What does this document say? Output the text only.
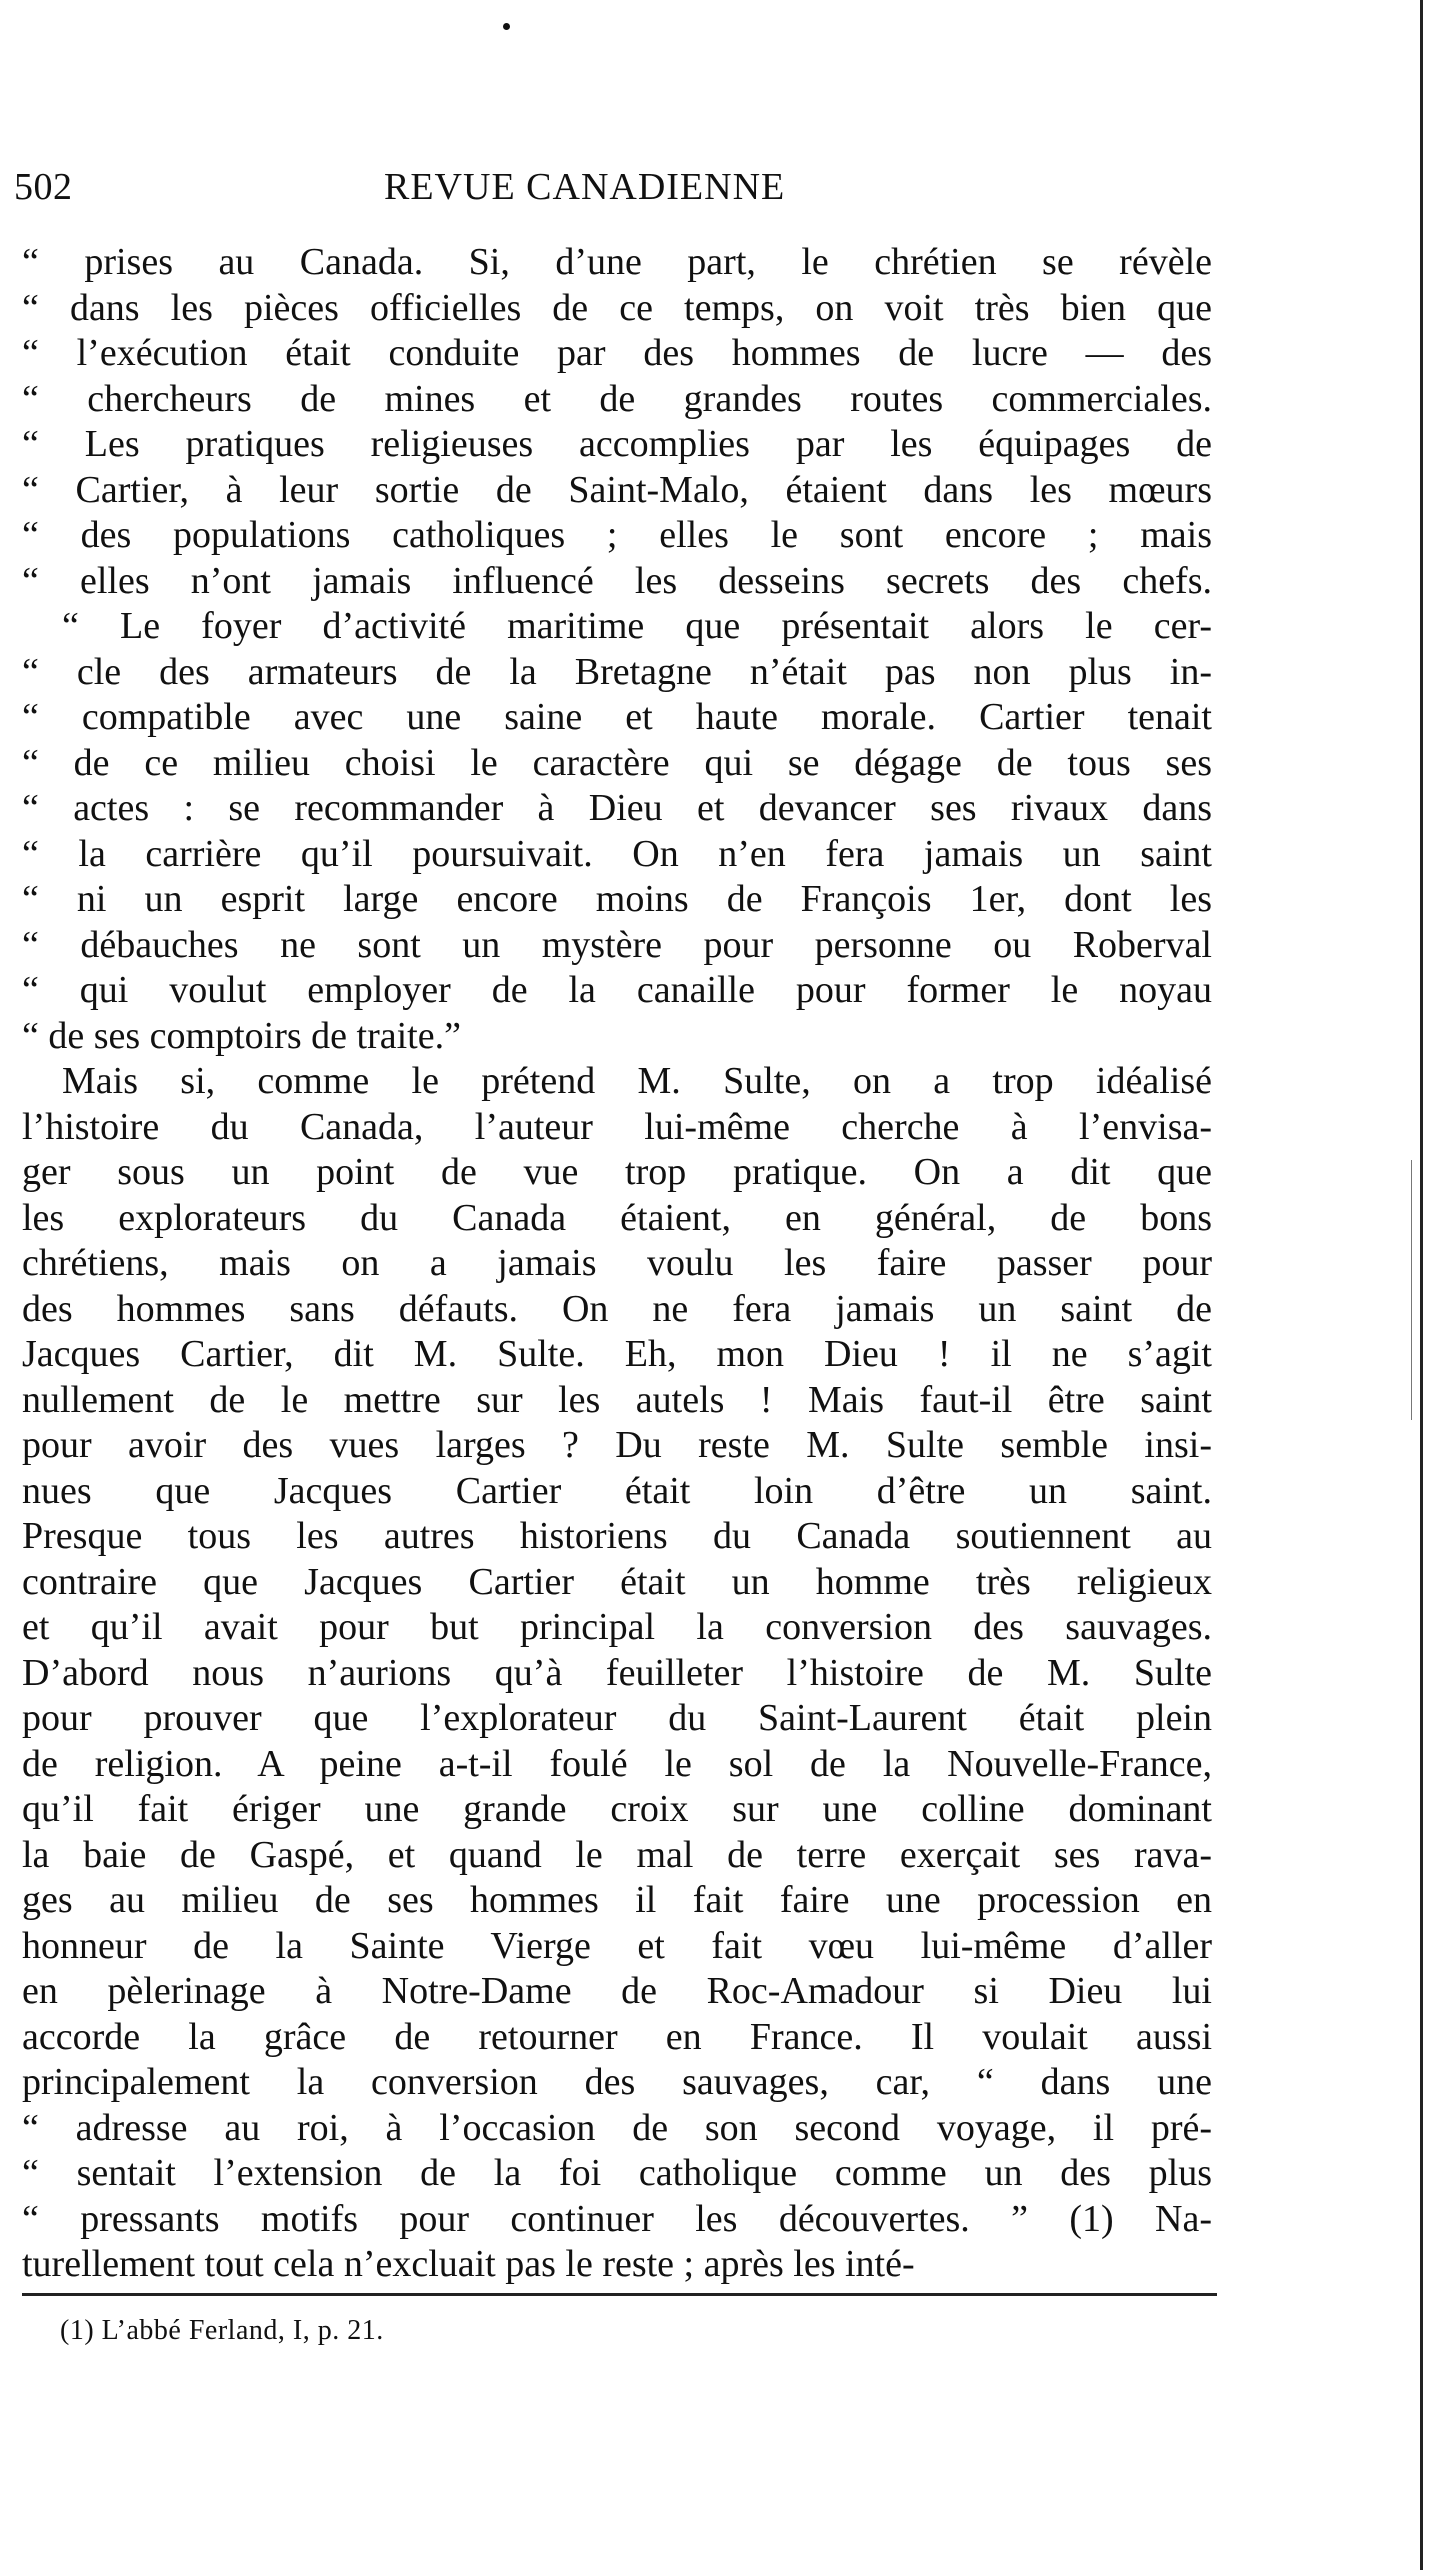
502	REVUE CANADIENNE
“ prises au Canada. Si, d’une part, le chrétien se révèle
“ dans les pièces officielles de ce temps, on voit très bien que
“ l’exécution était conduite par des hommes de lucre — des
“ chercheurs de mines et de grandes routes commerciales.
“ Les pratiques religieuses accomplies par les équipages de
“ Cartier, à leur sortie de Saint-Malo, étaient dans les mœurs
“ des populations catholiques ; elles le sont encore ; mais
“ elles n’ont jamais influencé les desseins secrets des chefs.
“ Le foyer d’activité maritime que présentait alors le cer-
“ cle des armateurs de la Bretagne n’était pas non plus in-
“ compatible avec une saine et haute morale. Cartier tenait
“ de ce milieu choisi le caractère qui se dégage de tous ses
“ actes : se recommander à Dieu et devancer ses rivaux dans
“ la carrière qu’il poursuivait. On n’en fera jamais un saint
“ ni un esprit large encore moins de François 1er, dont les
“ débauches ne sont un mystère pour personne ou Roberval
“ qui voulut employer de la canaille pour former le noyau
“ de ses comptoirs de traite.”
Mais si, comme le prétend M. Sulte, on a trop idéalisé
l’histoire du Canada, l’auteur lui-même cherche à l’envisa-
ger sous un point de vue trop pratique. On a dit que
les explorateurs du Canada étaient, en général, de bons
chrétiens, mais on a jamais voulu les faire passer pour
des hommes sans défauts. On ne fera jamais un saint de
Jacques Cartier, dit M. Sulte. Eh, mon Dieu ! il ne s’agit
nullement de le mettre sur les autels ! Mais faut-il être saint
pour avoir des vues larges ? Du reste M. Sulte semble insi-
nues que Jacques Cartier était loin d’être un saint.
Presque tous les autres historiens du Canada soutiennent au
contraire que Jacques Cartier était un homme très religieux
et qu’il avait pour but principal la conversion des sauvages.
D’abord nous n’aurions qu’à feuilleter l’histoire de M. Sulte
pour prouver que l’explorateur du Saint-Laurent était plein
de religion. A peine a-t-il foulé le sol de la Nouvelle-France,
qu’il fait ériger une grande croix sur une colline dominant
la baie de Gaspé, et quand le mal de terre exerçait ses rava-
ges au milieu de ses hommes il fait faire une procession en
honneur de la Sainte Vierge et fait vœu lui-même d’aller
en pèlerinage à Notre-Dame de Roc-Amadour si Dieu lui
accorde la grâce de retourner en France. Il voulait aussi
principalement la conversion des sauvages, car, “ dans une
“ adresse au roi, à l’occasion de son second voyage, il pré-
“ sentait l’extension de la foi catholique comme un des plus
“ pressants motifs pour continuer les découvertes. ” (1) Na-
turellement tout cela n’excluait pas le reste ; après les inté-
(1) L’abbé Ferland, I, p. 21.
